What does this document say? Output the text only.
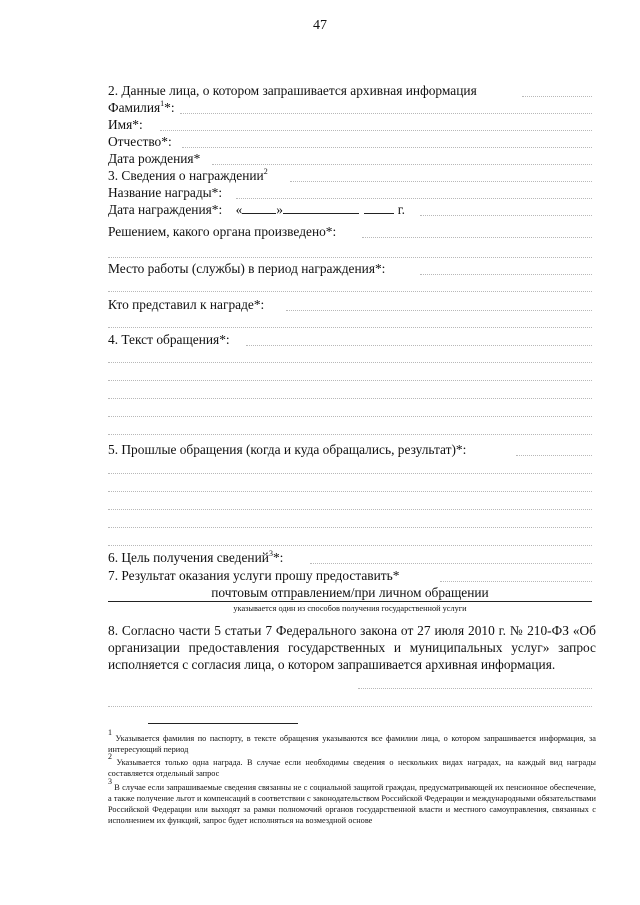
47
2. Данные лица, о котором запрашивается архивная информация
Фамилия$^1$*:
Имя*:
Отчество*:
Дата рождения*
3. Сведения о награждении$^2$
Название награды*:
Дата награждения*: «	»	г.
Решением, какого органа произведено*:
Место работы (службы) в период награждения*:
Кто представил к награде*:
4. Текст обращения*:
5. Прошлые обращения (когда и куда обращались, результат)*:
6. Цель получения сведений$^3$*:
7. Результат оказания услуги прошу предоставить*
почтовым отправлением/при личном обращении
указывается один из способов получения государственной услуги
8. Согласно части 5 статьи 7 Федерального закона от 27 июля 2010 г. № 210-ФЗ «Об организации предоставления государственных и муниципальных услуг» запрос исполняется с согласия лица, о котором запрашивается архивная информация.
$^1$ Указывается фамилия по паспорту, в тексте обращения указываются все фамилии лица, о котором запрашивается информация, за интересующий период
$^2$ Указывается только одна награда. В случае если необходимы сведения о нескольких видах наградах, на каждый вид награды составляется отдельный запрос
$^3$ В случае если запрашиваемые сведения связанны не с социальной защитой граждан, предусматривающей их пенсионное обеспечение, а также получение льгот и компенсаций в соответствии с законодательством Российской Федерации и международными обязательствами Российской Федерации или выходят за рамки полномочий органов государственной власти и местного самоуправления, связанных с исполнением их функций, запрос будет исполняться на возмездной основе
